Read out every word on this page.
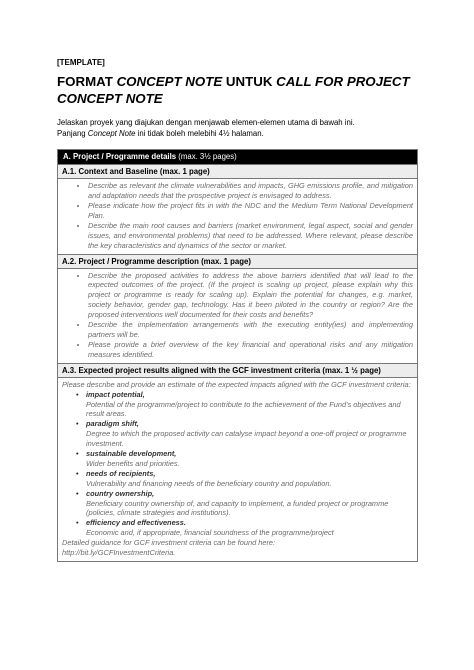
[TEMPLATE]
FORMAT CONCEPT NOTE UNTUK CALL FOR PROJECT
CONCEPT NOTE
Jelaskan proyek yang diajukan dengan menjawab elemen-elemen utama di bawah ini.
Panjang Concept Note ini tidak boleh melebihi 4½ halaman.
A. Project / Programme details (max. 3½ pages)
A.1. Context and Baseline (max. 1 page)

• Describe as relevant the climate vulnerabilities and impacts, GHG emissions profile, and mitigation and adaptation needs that the prospective project is envisaged to address.
• Please indicate how the project fits in with the NDC and the Medium Term National Development Plan.
• Describe the main root causes and barriers (market environment, legal aspect, social and gender issues, and environmental problems) that need to be addressed. Where relevant, please describe the key characteristics and dynamics of the sector or market.

A.2. Project / Programme description (max. 1 page)

• Describe the proposed activities to address the above barriers identified that will lead to the expected outcomes of the project. (If the project is scaling up project, please explain why this project or programme is ready for scaling up). Explain the potential for changes, e.g. market, society behavior, gender gap, technology. Has it been piloted in the country or region? Are the proposed interventions well documented for their costs and benefits?
• Describe the implementation arrangements with the executing entity(ies) and implementing partners will be.
• Please provide a brief overview of the key financial and operational risks and any mitigation measures identified.

A.3. Expected project results aligned with the GCF investment criteria (max. 1 ½ page)

Please describe and provide an estimate of the expected impacts aligned with the GCF investment criteria:
• impact potential,
Potential of the programme/project to contribute to the achievement of the Fund’s objectives and result areas.
• paradigm shift,
Degree to which the proposed activity can catalyse impact beyond a one-off project or programme investment.
• sustainable development,
Wider benefits and priorities.
• needs of recipients,
Vulnerability and financing needs of the beneficiary country and population.
• country ownership,
Beneficiary country ownership of, and capacity to implement, a funded project or programme (policies, climate strategies and institutions).
• efficiency and effectiveness.
Economic and, if appropriate, financial soundness of the programme/project
Detailed guidance for GCF investment criteria can be found here:
http://bit.ly/GCFInvestmentCriteria.
